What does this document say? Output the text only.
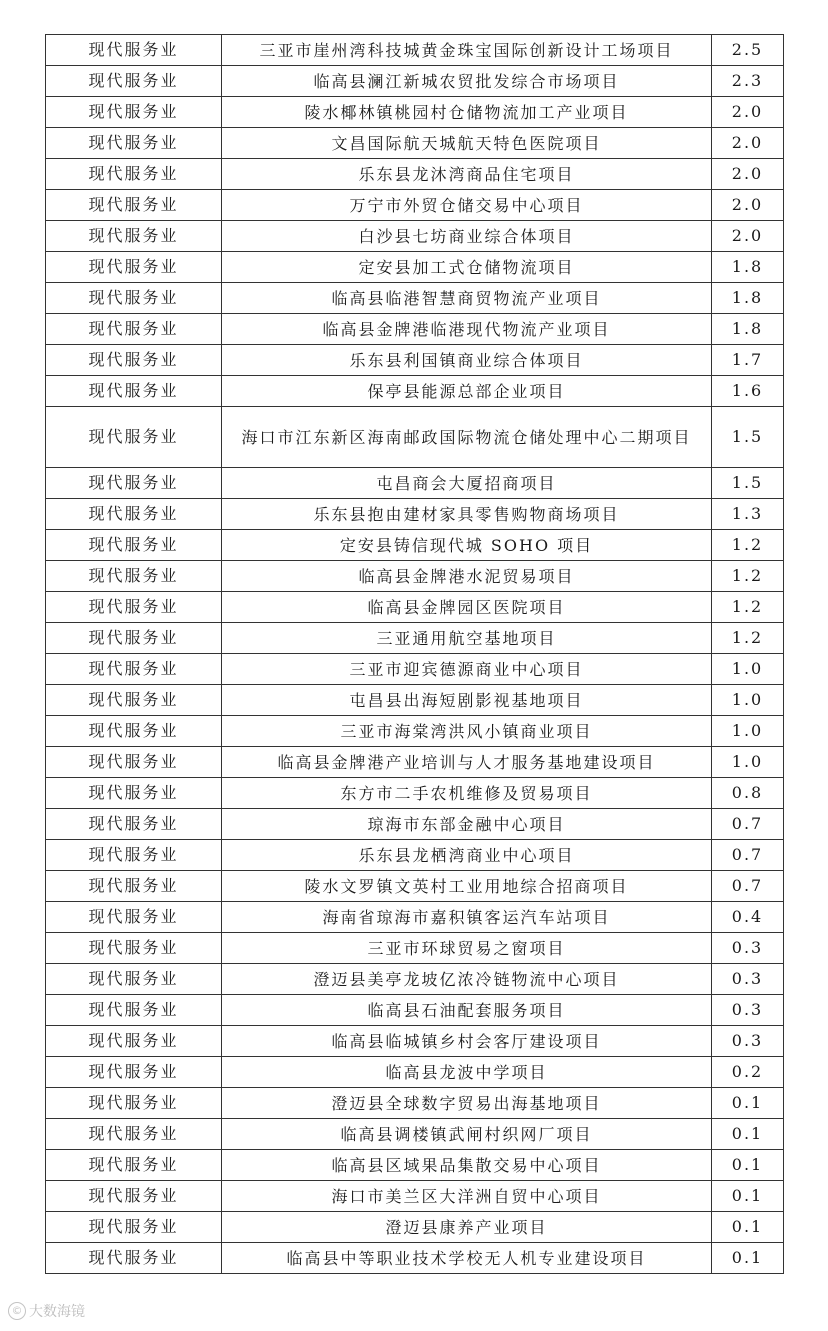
现代服务业	三亚市崖州湾科技城黄金珠宝国际创新设计工场项目	2.5
现代服务业	临高县澜江新城农贸批发综合市场项目	2.3
现代服务业	陵水椰林镇桃园村仓储物流加工产业项目	2.0
现代服务业	文昌国际航天城航天特色医院项目	2.0
现代服务业	乐东县龙沐湾商品住宅项目	2.0
现代服务业	万宁市外贸仓储交易中心项目	2.0
现代服务业	白沙县七坊商业综合体项目	2.0
现代服务业	定安县加工式仓储物流项目	1.8
现代服务业	临高县临港智慧商贸物流产业项目	1.8
现代服务业	临高县金牌港临港现代物流产业项目	1.8
现代服务业	乐东县利国镇商业综合体项目	1.7
现代服务业	保亭县能源总部企业项目	1.6
现代服务业	海口市江东新区海南邮政国际物流仓储处理中心二期项目	1.5
现代服务业	屯昌商会大厦招商项目	1.5
现代服务业	乐东县抱由建材家具零售购物商场项目	1.3
现代服务业	定安县铸信现代城 SOHO 项目	1.2
现代服务业	临高县金牌港水泥贸易项目	1.2
现代服务业	临高县金牌园区医院项目	1.2
现代服务业	三亚通用航空基地项目	1.2
现代服务业	三亚市迎宾德源商业中心项目	1.0
现代服务业	屯昌县出海短剧影视基地项目	1.0
现代服务业	三亚市海棠湾洪风小镇商业项目	1.0
现代服务业	临高县金牌港产业培训与人才服务基地建设项目	1.0
现代服务业	东方市二手农机维修及贸易项目	0.8
现代服务业	琼海市东部金融中心项目	0.7
现代服务业	乐东县龙栖湾商业中心项目	0.7
现代服务业	陵水文罗镇文英村工业用地综合招商项目	0.7
现代服务业	海南省琼海市嘉积镇客运汽车站项目	0.4
现代服务业	三亚市环球贸易之窗项目	0.3
现代服务业	澄迈县美亭龙坡亿浓冷链物流中心项目	0.3
现代服务业	临高县石油配套服务项目	0.3
现代服务业	临高县临城镇乡村会客厅建设项目	0.3
现代服务业	临高县龙波中学项目	0.2
现代服务业	澄迈县全球数字贸易出海基地项目	0.1
现代服务业	临高县调楼镇武闸村织网厂项目	0.1
现代服务业	临高县区域果品集散交易中心项目	0.1
现代服务业	海口市美兰区大洋洲自贸中心项目	0.1
现代服务业	澄迈县康养产业项目	0.1
现代服务业	临高县中等职业技术学校无人机专业建设项目	0.1
© 大数海镜
